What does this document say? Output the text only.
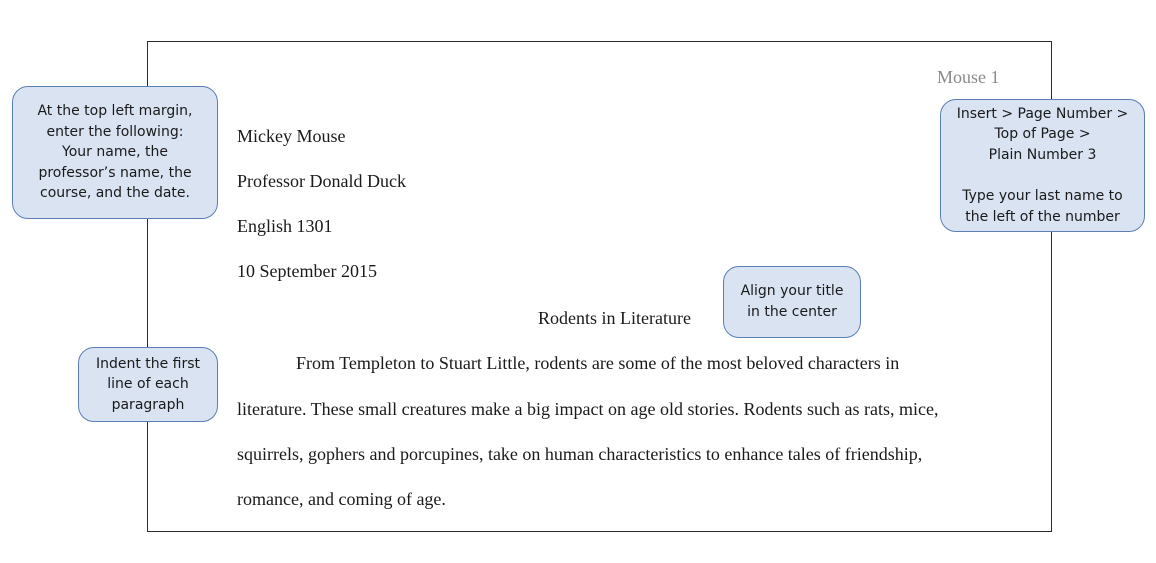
Mouse 1
Mickey Mouse
Professor Donald Duck
English 1301
10 September 2015
Rodents in Literature
From Templeton to Stuart Little, rodents are some of the most beloved characters in
literature. These small creatures make a big impact on age old stories. Rodents such as rats, mice,
squirrels, gophers and porcupines, take on human characteristics to enhance tales of friendship,
romance, and coming of age.
At the top left margin,
enter the following:
Your name, the
professor’s name, the
course, and the date.
Insert > Page Number >
Top of Page >
Plain Number 3
Type your last name to
the left of the number
Align your title
in the center
Indent the first
line of each
paragraph
